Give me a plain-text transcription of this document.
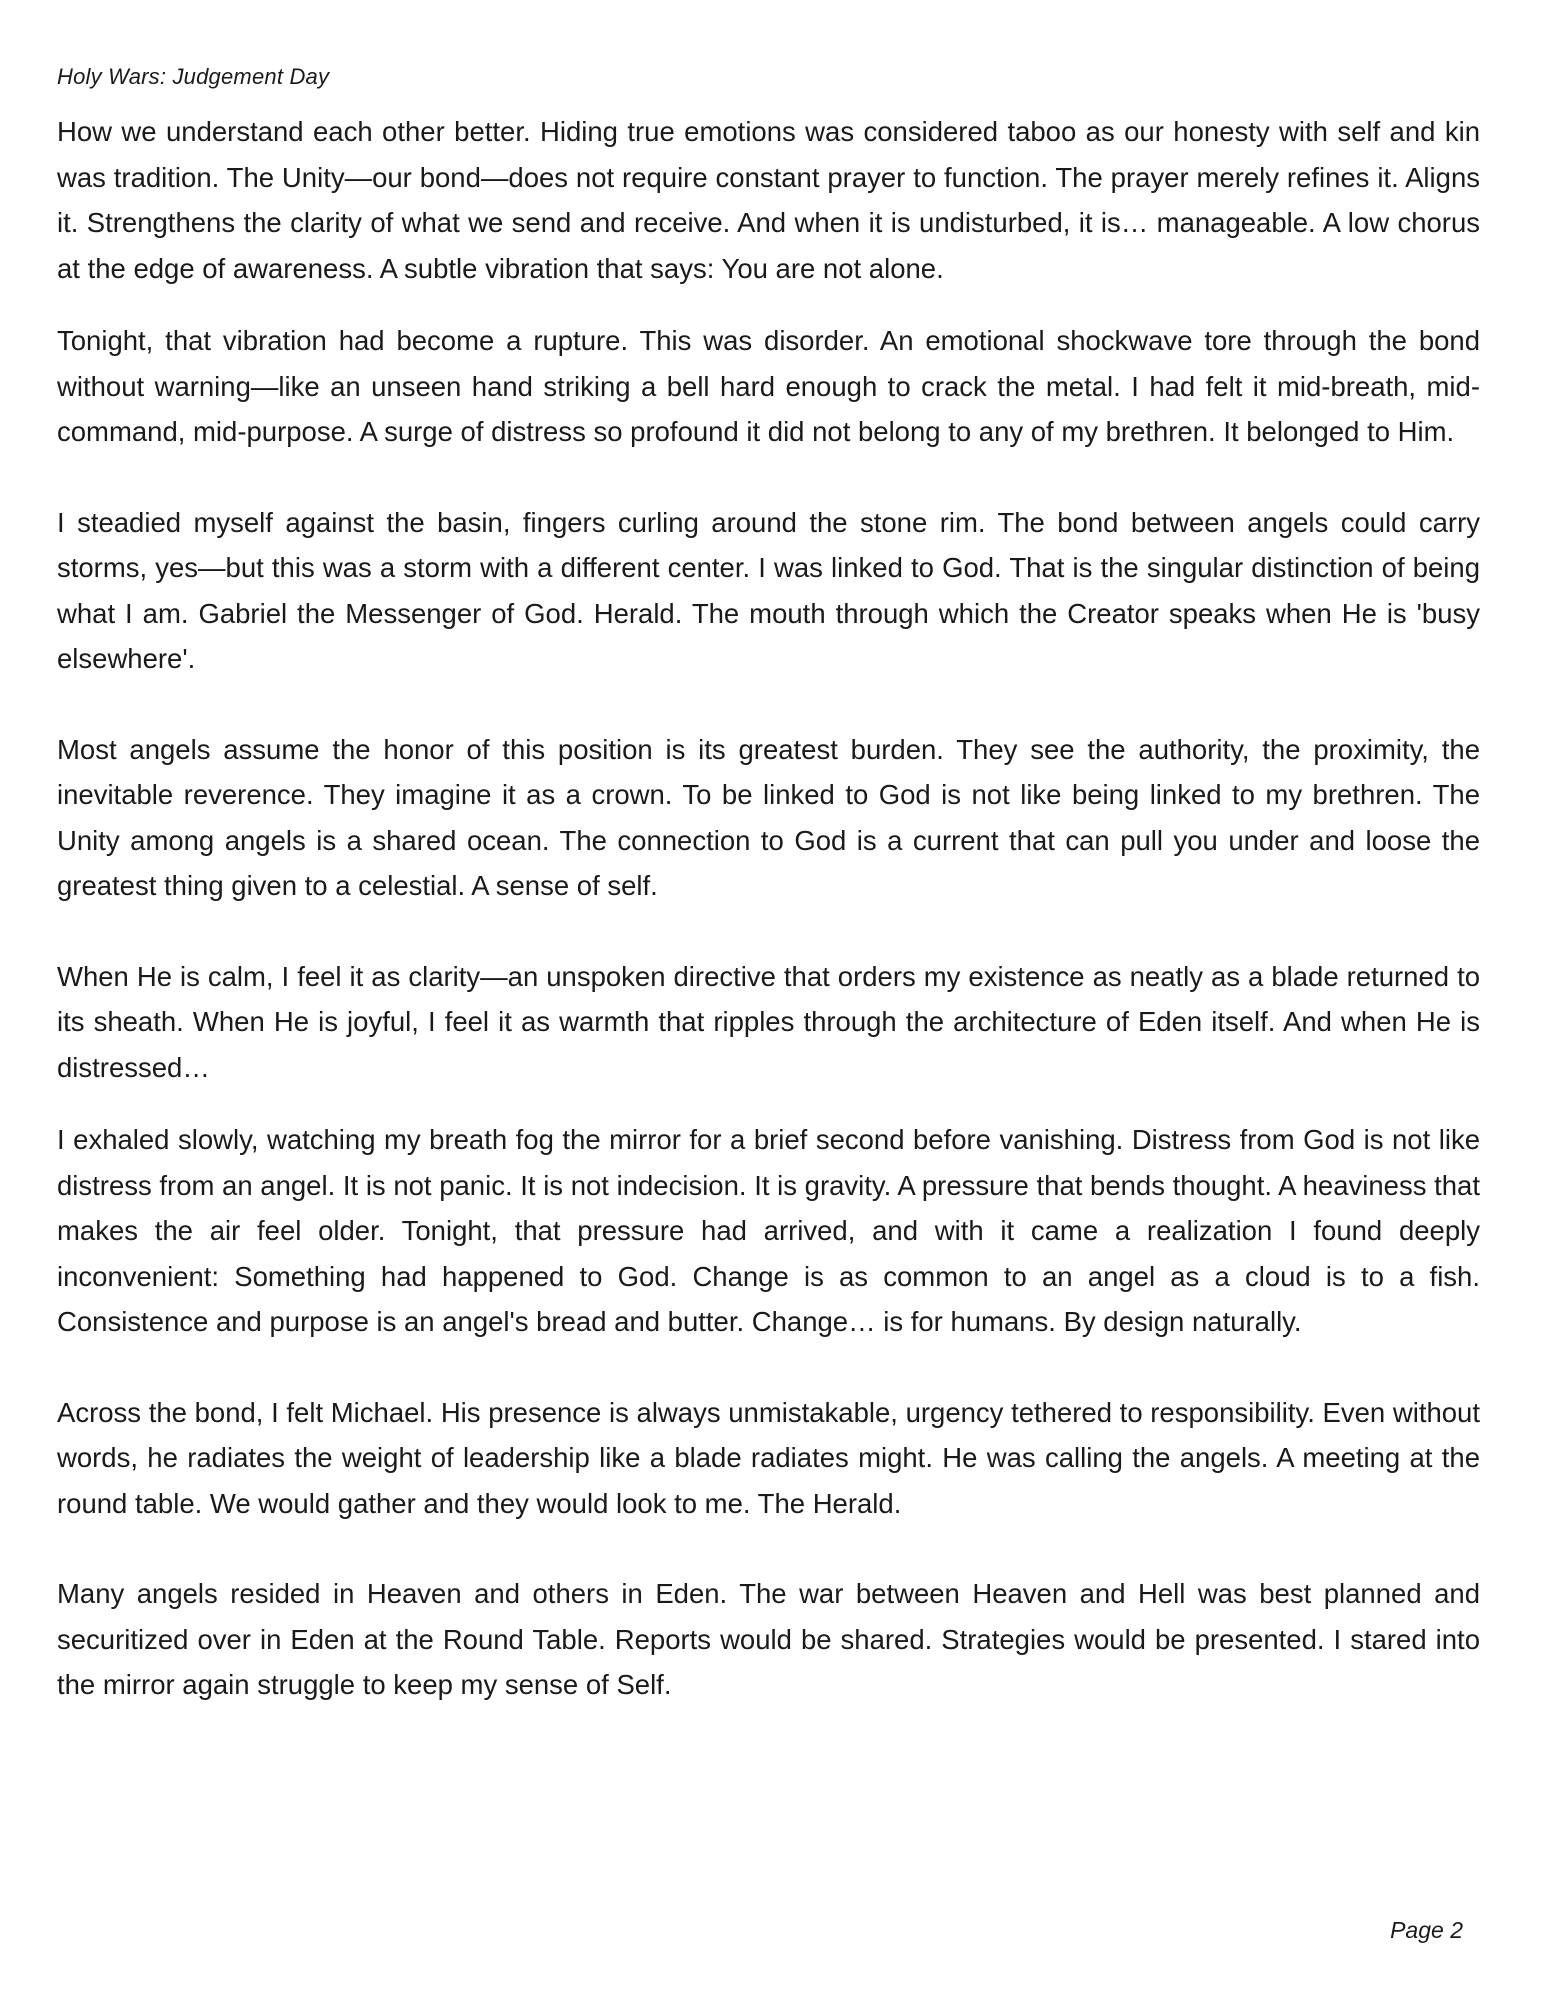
Holy Wars: Judgement Day

How we understand each other better. Hiding true emotions was considered taboo as our honesty with self and kin was tradition. The Unity—our bond—does not require constant prayer to function. The prayer merely refines it. Aligns it. Strengthens the clarity of what we send and receive. And when it is undisturbed, it is… manageable. A low chorus at the edge of awareness. A subtle vibration that says: You are not alone.

Tonight, that vibration had become a rupture. This was disorder. An emotional shockwave tore through the bond without warning—like an unseen hand striking a bell hard enough to crack the metal. I had felt it mid-breath, mid-command, mid-purpose. A surge of distress so profound it did not belong to any of my brethren. It belonged to Him.

I steadied myself against the basin, fingers curling around the stone rim. The bond between angels could carry storms, yes—but this was a storm with a different center. I was linked to God. That is the singular distinction of being what I am. Gabriel the Messenger of God. Herald. The mouth through which the Creator speaks when He is 'busy elsewhere'.

Most angels assume the honor of this position is its greatest burden. They see the authority, the proximity, the inevitable reverence. They imagine it as a crown. To be linked to God is not like being linked to my brethren. The Unity among angels is a shared ocean. The connection to God is a current that can pull you under and loose the greatest thing given to a celestial. A sense of self.

When He is calm, I feel it as clarity—an unspoken directive that orders my existence as neatly as a blade returned to its sheath. When He is joyful, I feel it as warmth that ripples through the architecture of Eden itself. And when He is distressed…

I exhaled slowly, watching my breath fog the mirror for a brief second before vanishing. Distress from God is not like distress from an angel. It is not panic. It is not indecision. It is gravity. A pressure that bends thought. A heaviness that makes the air feel older. Tonight, that pressure had arrived, and with it came a realization I found deeply inconvenient: Something had happened to God. Change is as common to an angel as a cloud is to a fish. Consistence and purpose is an angel's bread and butter. Change… is for humans. By design naturally.

Across the bond, I felt Michael. His presence is always unmistakable, urgency tethered to responsibility. Even without words, he radiates the weight of leadership like a blade radiates might. He was calling the angels. A meeting at the round table. We would gather and they would look to me. The Herald.

Many angels resided in Heaven and others in Eden. The war between Heaven and Hell was best planned and securitized over in Eden at the Round Table. Reports would be shared. Strategies would be presented. I stared into the mirror again struggle to keep my sense of Self.

Page 2
